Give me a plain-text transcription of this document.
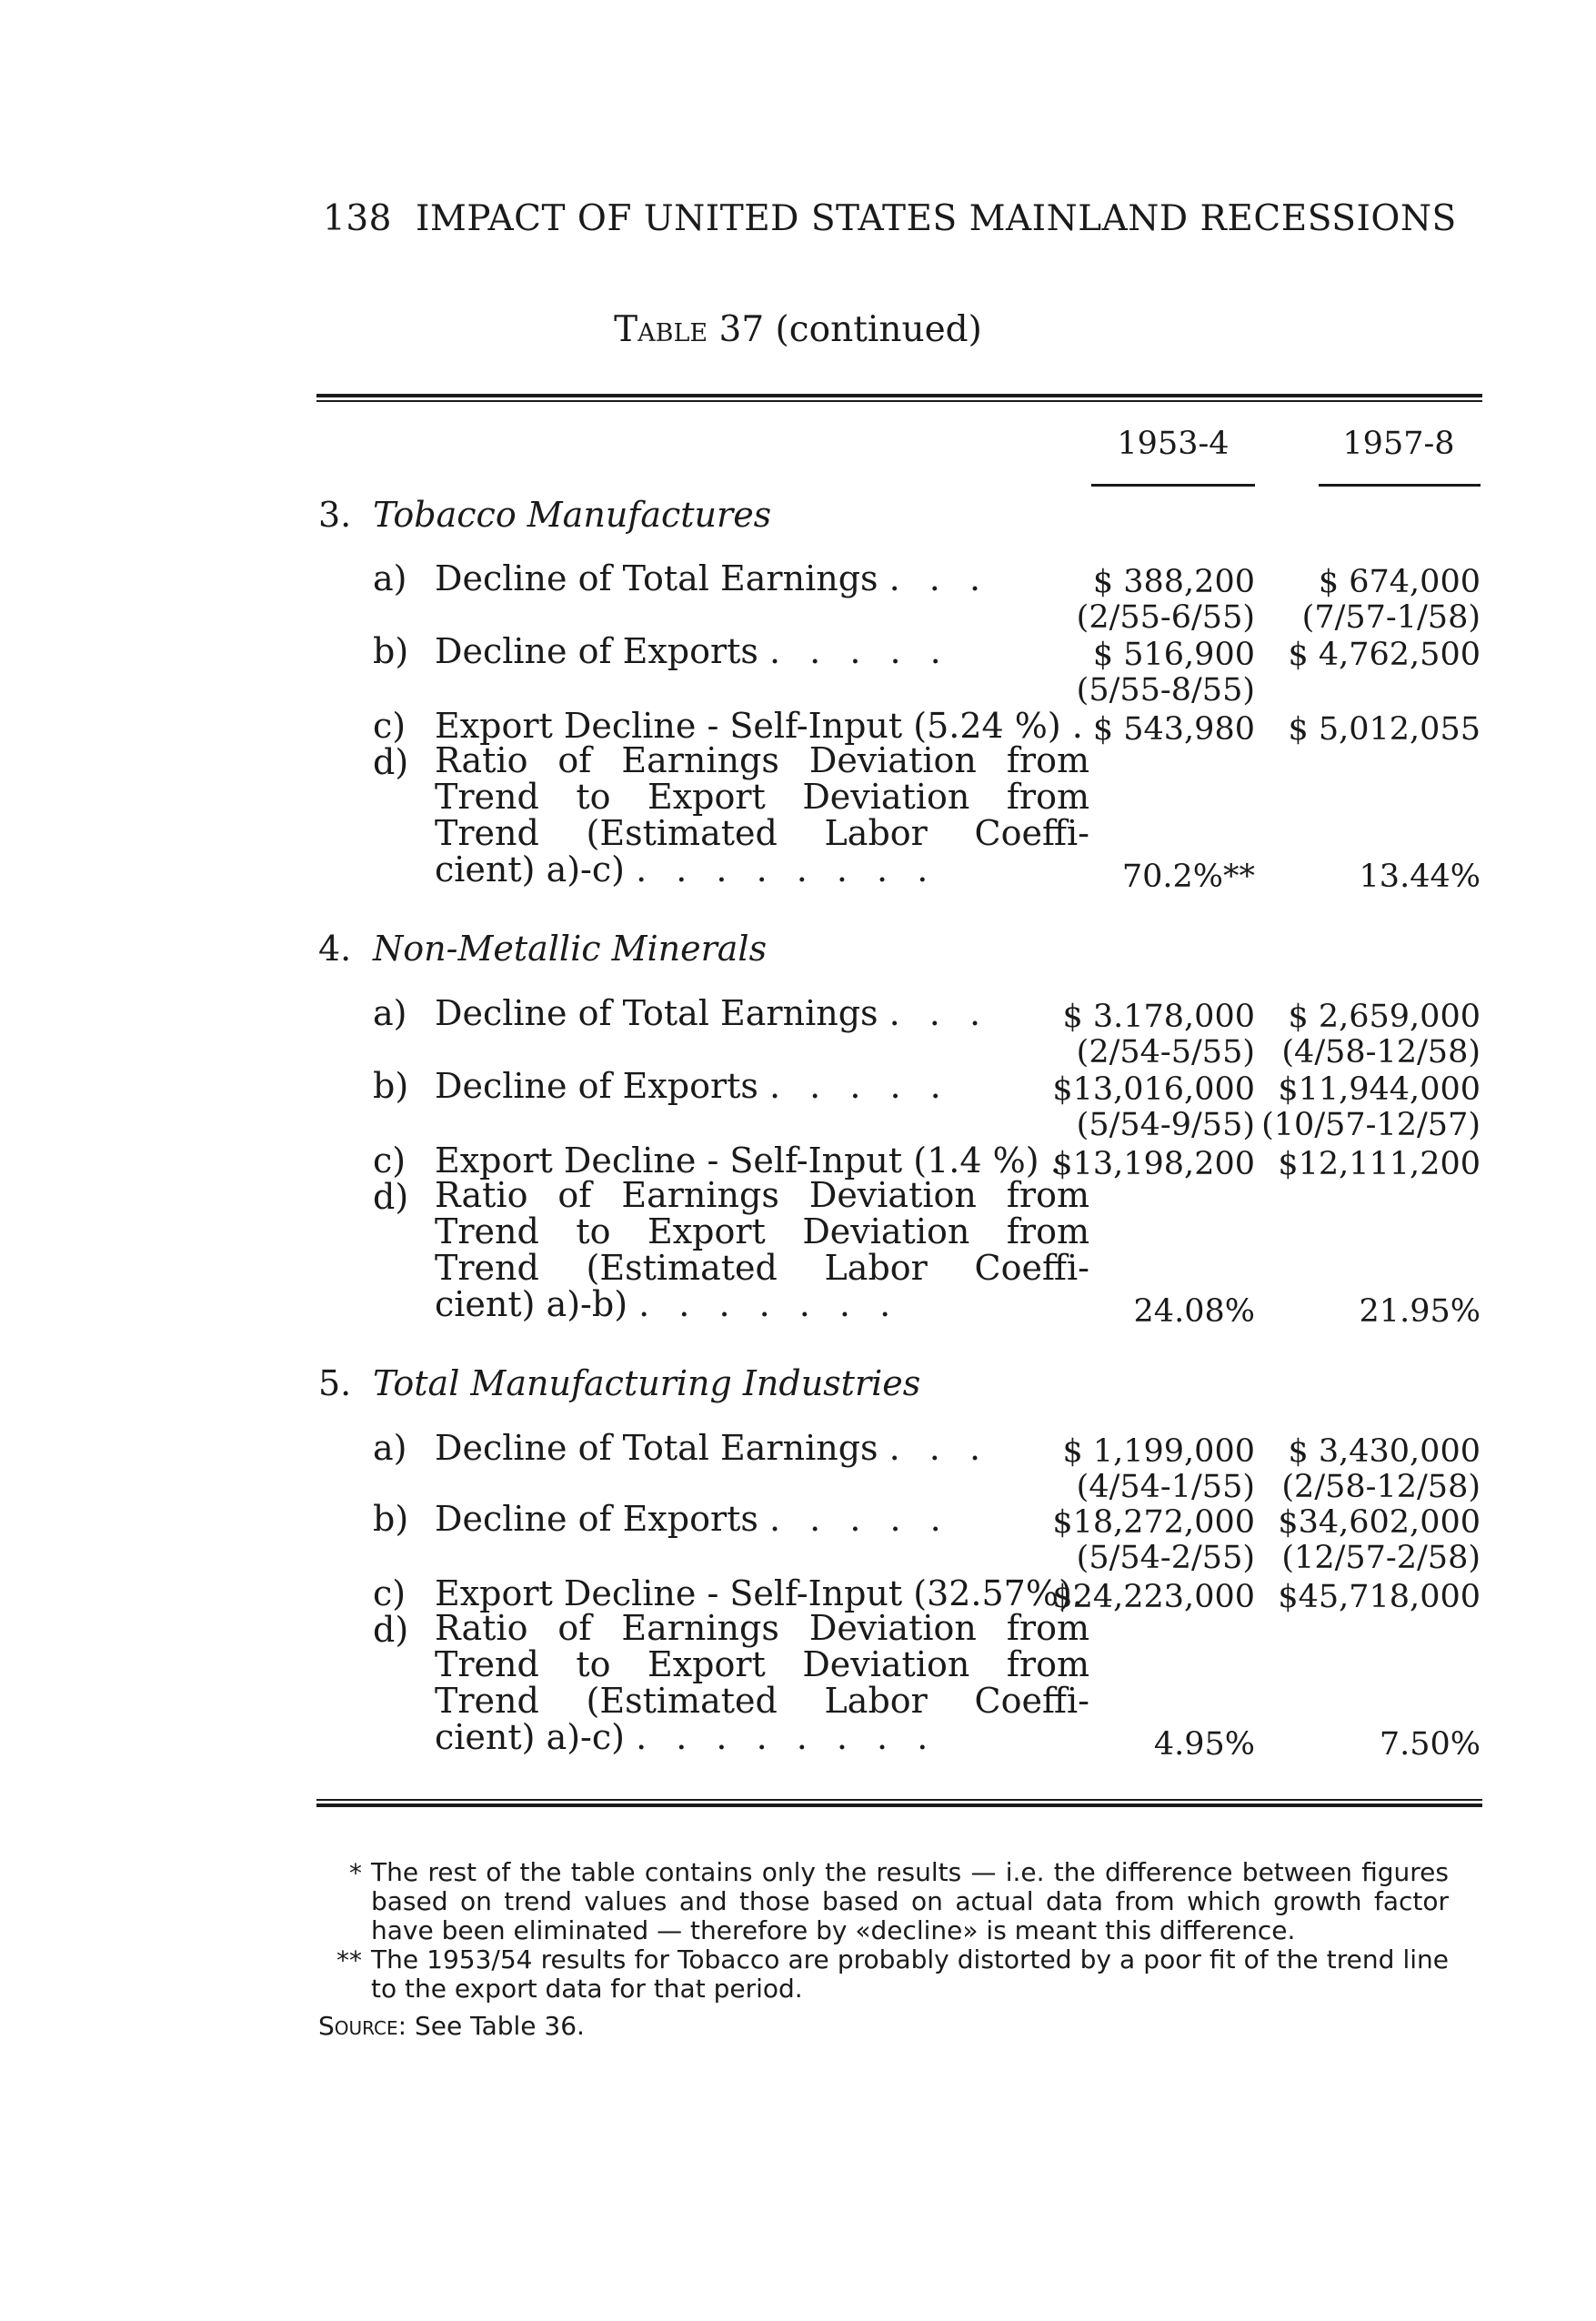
138 IMPACT OF UNITED STATES MAINLAND RECESSIONS
Table 37 (continued)
1953-4	1957-8
3. Tobacco Manufactures
a) Decline of Total Earnings . . .	$ 388,200 $ 674,000
(2/55-6/55) (7/57-1/58)
b) Decline of Exports . . . . .	$ 516,900 $ 4,762,500
(5/55-8/55)
c) Export Decline - Self-Input (5.24 %) . $ 543,980 $ 5,012,055
d) Ratio of Earnings Deviation from
Trend to Export Deviation from
Trend (Estimated Labor Coeffi-
cient) a)-c) . . . . . . . .	70.2%**	13.44%
4. Non-Metallic Minerals
a) Decline of Total Earnings . . . $ 3.178,000 $ 2,659,000
(2/54-5/55) (4/58-12/58)
b) Decline of Exports . . . . .	$13,016,000 $11,944,000
(5/54-9/55) (10/57-12/57)
c) Export Decline - Self-Input (1.4 %) .
$13,198,200 $12,111,200
d) Ratio of Earnings Deviation from
Trend to Export Deviation from
Trend (Estimated Labor Coeffi-
cient) a)-b) . . . . . . .	24.08%	21.95%
5. Total Manufacturing Industries
a) Decline of Total Earnings . . . $ 1,199,000 $ 3,430,000
(4/54-1/55) (2/58-12/58)
b) Decline of Exports . . . . .	$18,272,000 $34,602,000
(5/54-2/55) (12/57-2/58)
c) Export Decline - Self-Input (32.57%).
$24,223,000 $45,718,000
d) Ratio of Earnings Deviation from
Trend to Export Deviation from
Trend (Estimated Labor Coeffi-
cient) a)-c) . . . . . . . .	4.95%	7.50%
* The rest of the table contains only the results — i.e. the difference between figures based on trend values and those based on actual data from which growth factor have been eliminated — therefore by «decline» is meant this difference.
** The 1953/54 results for Tobacco are probably distorted by a poor fit of the trend line to the export data for that period.
Source: See Table 36.
